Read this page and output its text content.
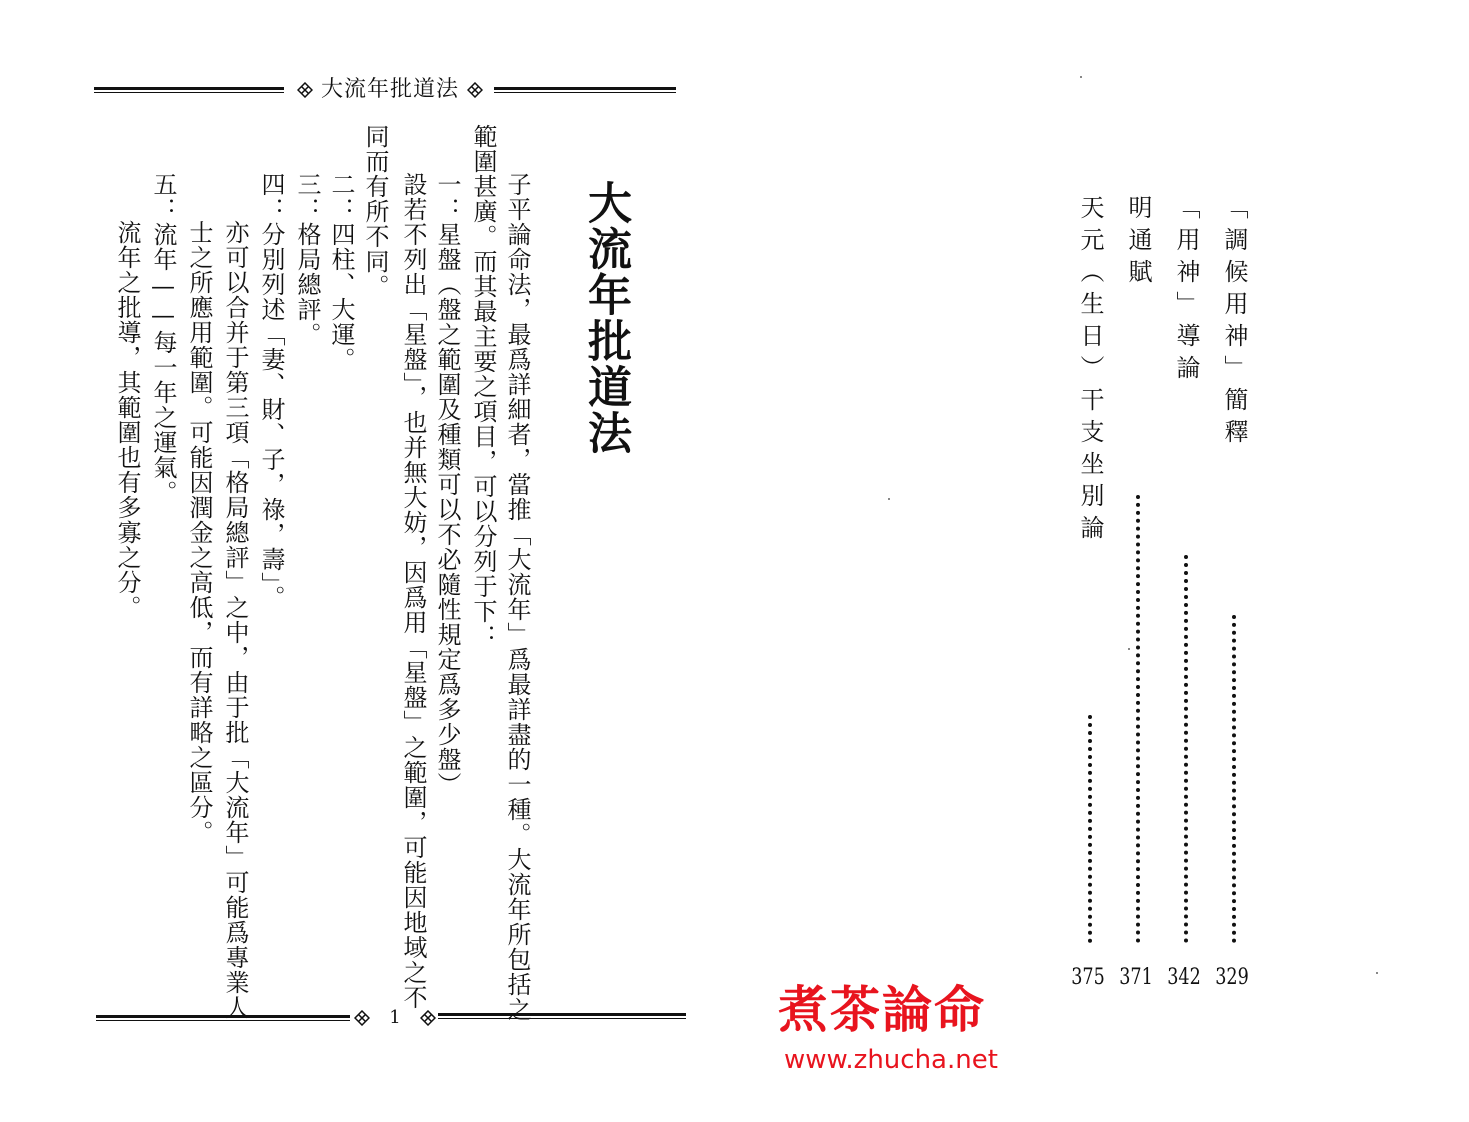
大流年批道法
大流年批道法
子平論命法，最爲詳細者，當推「大流年」爲最詳盡的一種。大流年所包括之
範圍甚廣。而其最主要之項目，可以分列于下：
一：星盤（盤之範圍及種類可以不必隨性規定爲多少盤）
設若不列出「星盤」，也并無大妨，因爲用「星盤」之範圍，可能因地域之不
同而有所不同。
二：四柱、大運。
三：格局總評。
四：分別列述「妻、財、子，祿，壽」。
亦可以合并于第三項「格局總評」之中，由于批「大流年」可能爲專業人
士之所應用範圍。可能因潤金之高低，而有詳略之區分。
五：流年——每一年之運氣。
流年之批導，其範圍也有多寡之分。
1
「調候用神」簡釋
329
「用神」導論
342
明通賦
371
天元（生日）干支坐別論
375
煮茶論命
www.zhucha.net
